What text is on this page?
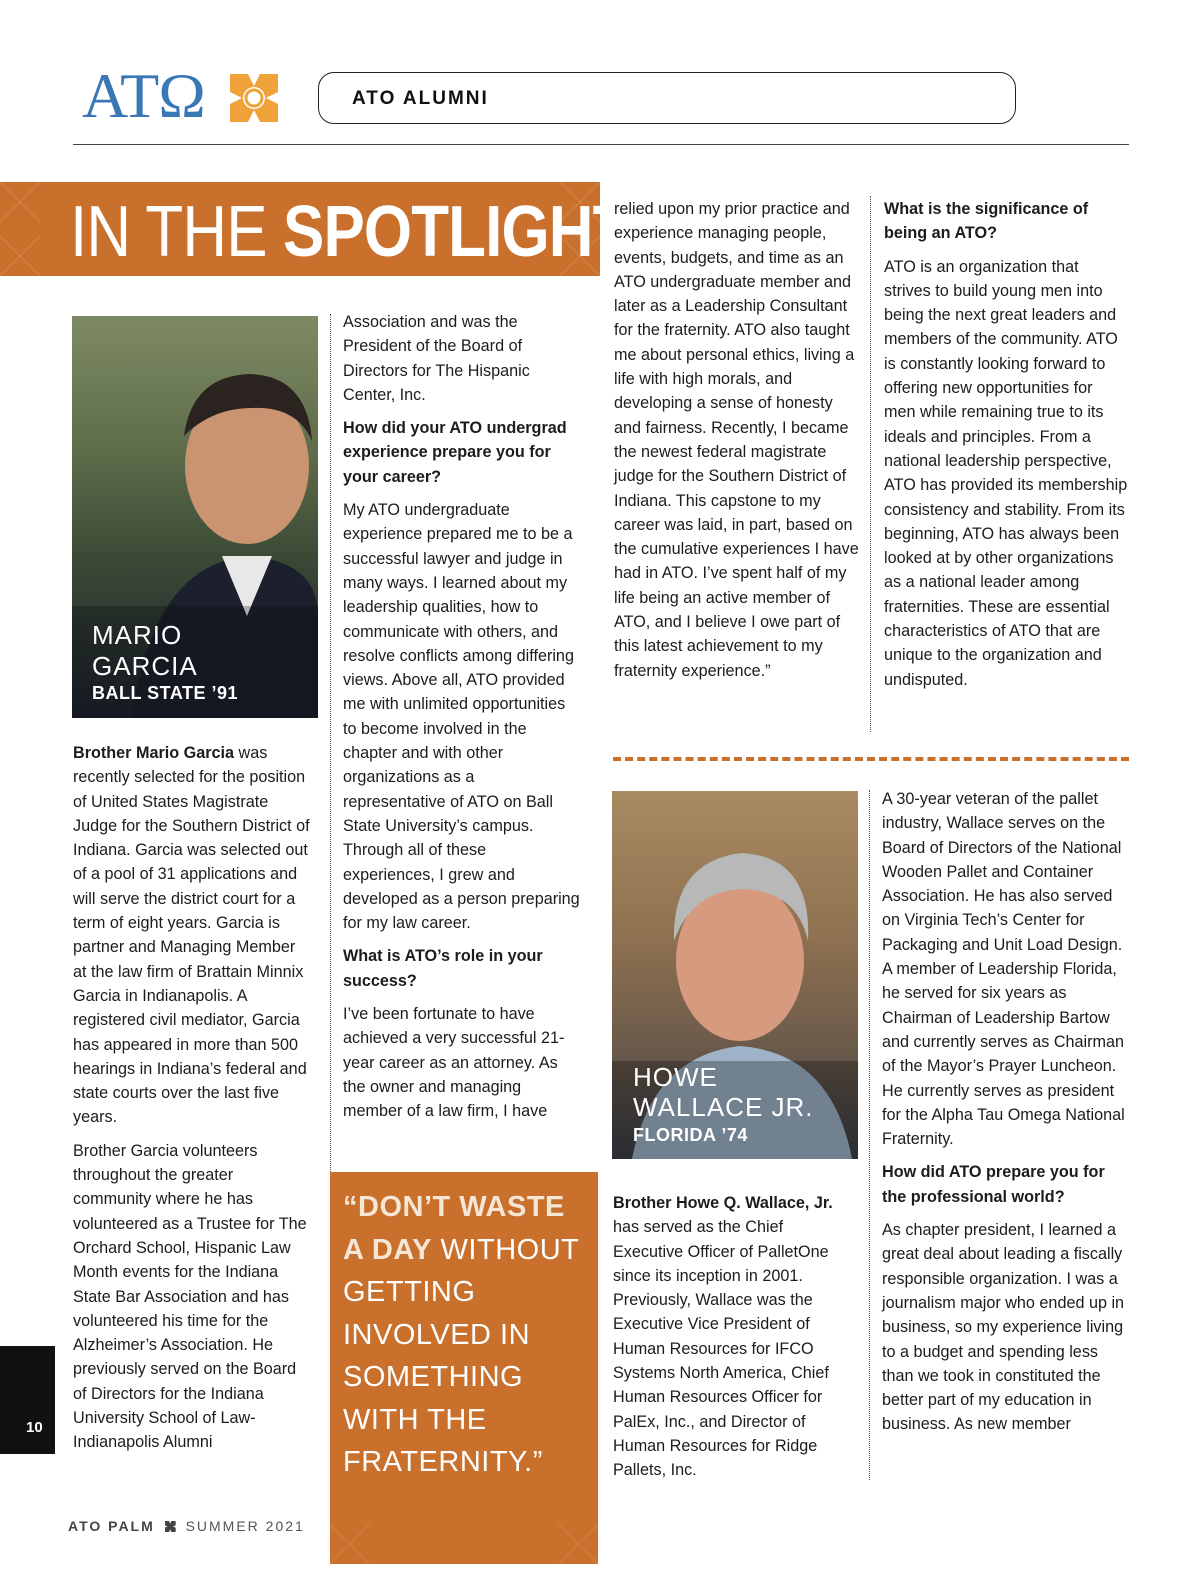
ATΩ	ATO ALUMNI
IN THE SPOTLIGHT
MARIO
GARCIA
BALL STATE ’91

Brother Mario Garcia was recently selected for the position of United States Magistrate Judge for the Southern District of Indiana. Garcia was selected out of a pool of 31 applications and will serve the district court for a term of eight years. Garcia is partner and Managing Member at the law firm of Brattain Minnix Garcia in Indianapolis. A registered civil mediator, Garcia has appeared in more than 500 hearings in Indiana’s federal and state courts over the last five years.

Brother Garcia volunteers throughout the greater community where he has volunteered as a Trustee for The Orchard School, Hispanic Law Month events for the Indiana State Bar Association and has volunteered his time for the Alzheimer’s Association. He previously served on the Board of Directors for the Indiana University School of Law-Indianapolis Alumni

Association and was the President of the Board of Directors for The Hispanic Center, Inc.

How did your ATO undergrad experience prepare you for your career?

My ATO undergraduate experience prepared me to be a successful lawyer and judge in many ways. I learned about my leadership qualities, how to communicate with others, and resolve conflicts among differing views. Above all, ATO provided me with unlimited opportunities to become involved in the chapter and with other organizations as a representative of ATO on Ball State University’s campus. Through all of these experiences, I grew and developed as a person preparing for my law career.

What is ATO’s role in your success?

I’ve been fortunate to have achieved a very successful 21-year career as an attorney. As the owner and managing member of a law firm, I have

“DON’T WASTE A DAY WITHOUT GETTING INVOLVED IN SOMETHING WITH THE FRATERNITY.”

relied upon my prior practice and experience managing people, events, budgets, and time as an ATO undergraduate member and later as a Leadership Consultant for the fraternity. ATO also taught me about personal ethics, living a life with high morals, and developing a sense of honesty and fairness. Recently, I became the newest federal magistrate judge for the Southern District of Indiana. This capstone to my career was laid, in part, based on the cumulative experiences I have had in ATO. I’ve spent half of my life being an active member of ATO, and I believe I owe part of this latest achievement to my fraternity experience.”

What is the significance of being an ATO?

ATO is an organization that strives to build young men into being the next great leaders and members of the community. ATO is constantly looking forward to offering new opportunities for men while remaining true to its ideals and principles. From a national leadership perspective, ATO has provided its membership consistency and stability. From its beginning, ATO has always been looked at by other organizations as a national leader among fraternities. These are essential characteristics of ATO that are unique to the organization and undisputed.

HOWE
WALLACE JR.
FLORIDA ’74

Brother Howe Q. Wallace, Jr. has served as the Chief Executive Officer of PalletOne since its inception in 2001. Previously, Wallace was the Executive Vice President of Human Resources for IFCO Systems North America, Chief Human Resources Officer for PalEx, Inc., and Director of Human Resources for Ridge Pallets, Inc.

A 30-year veteran of the pallet industry, Wallace serves on the Board of Directors of the National Wooden Pallet and Container Association. He has also served on Virginia Tech’s Center for Packaging and Unit Load Design. A member of Leadership Florida, he served for six years as Chairman of Leadership Bartow and currently serves as Chairman of the Mayor’s Prayer Luncheon. He currently serves as president for the Alpha Tau Omega National Fraternity.

How did ATO prepare you for the professional world?

As chapter president, I learned a great deal about leading a fiscally responsible organization. I was a journalism major who ended up in business, so my experience living to a budget and spending less than we took in constituted the better part of my education in business. As new member

10
ATO PALM SUMMER 2021
